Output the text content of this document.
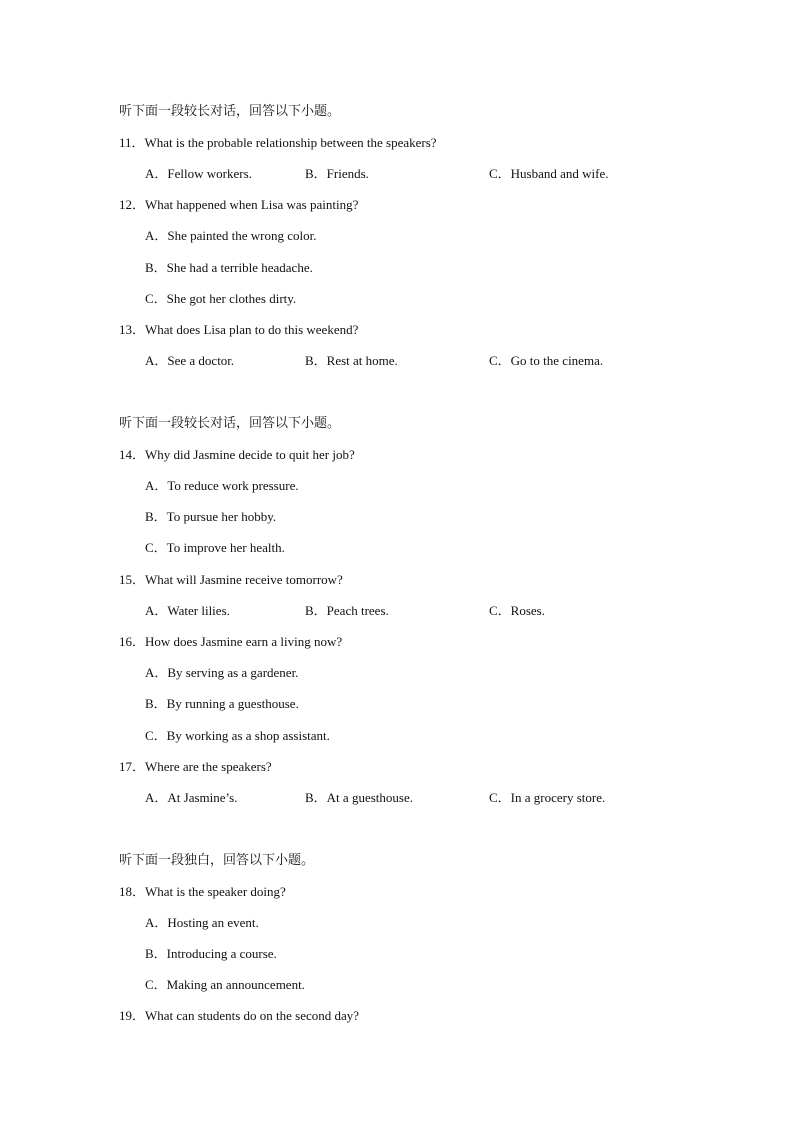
听下面一段较长对话，回答以下小题。
11．What is the probable relationship between the speakers?
A．Fellow workers.	B．Friends.	C．Husband and wife.
12．What happened when Lisa was painting?
A．She painted the wrong color.
B．She had a terrible headache.
C．She got her clothes dirty.
13．What does Lisa plan to do this weekend?
A．See a doctor.	B．Rest at home.	C．Go to the cinema.
听下面一段较长对话，回答以下小题。
14．Why did Jasmine decide to quit her job?
A．To reduce work pressure.
B．To pursue her hobby.
C．To improve her health.
15．What will Jasmine receive tomorrow?
A．Water lilies.	B．Peach trees.	C．Roses.
16．How does Jasmine earn a living now?
A．By serving as a gardener.
B．By running a guesthouse.
C．By working as a shop assistant.
17．Where are the speakers?
A．At Jasmine’s.	B．At a guesthouse.	C．In a grocery store.
听下面一段独白，回答以下小题。
18．What is the speaker doing?
A．Hosting an event.
B．Introducing a course.
C．Making an announcement.
19．What can students do on the second day?
